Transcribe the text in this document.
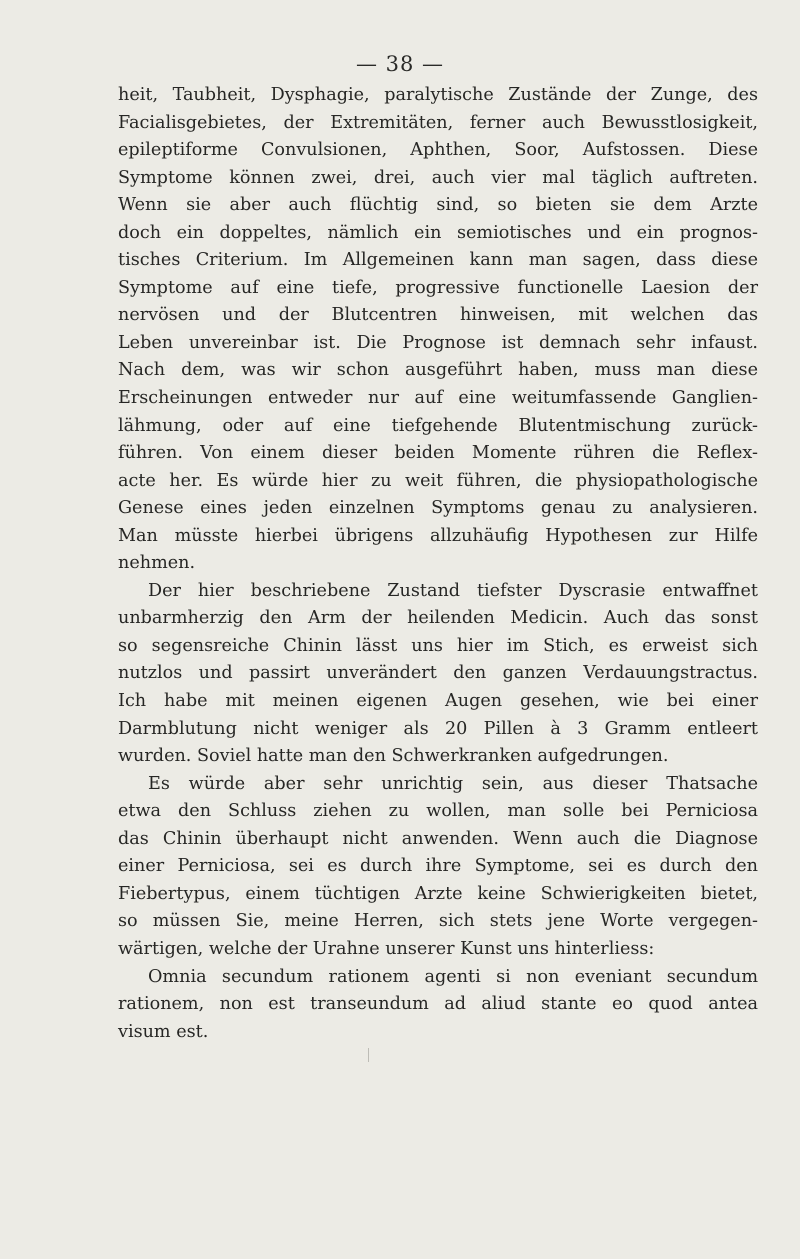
— 38 —
heit, Taubheit, Dysphagie, paralytische Zustände der Zunge, des
Facialisgebietes, der Extremitäten, ferner auch Bewusstlosigkeit,
epileptiforme Convulsionen, Aphthen, Soor, Aufstossen. Diese
Symptome können zwei, drei, auch vier mal täglich auftreten.
Wenn sie aber auch flüchtig sind, so bieten sie dem Arzte
doch ein doppeltes, nämlich ein semiotisches und ein prognos-
tisches Criterium. Im Allgemeinen kann man sagen, dass diese
Symptome auf eine tiefe, progressive functionelle Laesion der
nervösen und der Blutcentren hinweisen, mit welchen das
Leben unvereinbar ist. Die Prognose ist demnach sehr infaust.
Nach dem, was wir schon ausgeführt haben, muss man diese
Erscheinungen entweder nur auf eine weitumfassende Ganglien-
lähmung, oder auf eine tiefgehende Blutentmischung zurück-
führen. Von einem dieser beiden Momente rühren die Reflex-
acte her. Es würde hier zu weit führen, die physiopathologische
Genese eines jeden einzelnen Symptoms genau zu analysieren.
Man müsste hierbei übrigens allzuhäufig Hypothesen zur Hilfe
nehmen.
Der hier beschriebene Zustand tiefster Dyscrasie entwaffnet
unbarmherzig den Arm der heilenden Medicin. Auch das sonst
so segensreiche Chinin lässt uns hier im Stich, es erweist sich
nutzlos und passirt unverändert den ganzen Verdauungstractus.
Ich habe mit meinen eigenen Augen gesehen, wie bei einer
Darmblutung nicht weniger als 20 Pillen à 3 Gramm entleert
wurden. Soviel hatte man den Schwerkranken aufgedrungen.
Es würde aber sehr unrichtig sein, aus dieser Thatsache
etwa den Schluss ziehen zu wollen, man solle bei Perniciosa
das Chinin überhaupt nicht anwenden. Wenn auch die Diagnose
einer Perniciosa, sei es durch ihre Symptome, sei es durch den
Fiebertypus, einem tüchtigen Arzte keine Schwierigkeiten bietet,
so müssen Sie, meine Herren, sich stets jene Worte vergegen-
wärtigen, welche der Urahne unserer Kunst uns hinterliess:
Omnia secundum rationem agenti si non eveniant secundum
rationem, non est transeundum ad aliud stante eo quod antea
visum est.
